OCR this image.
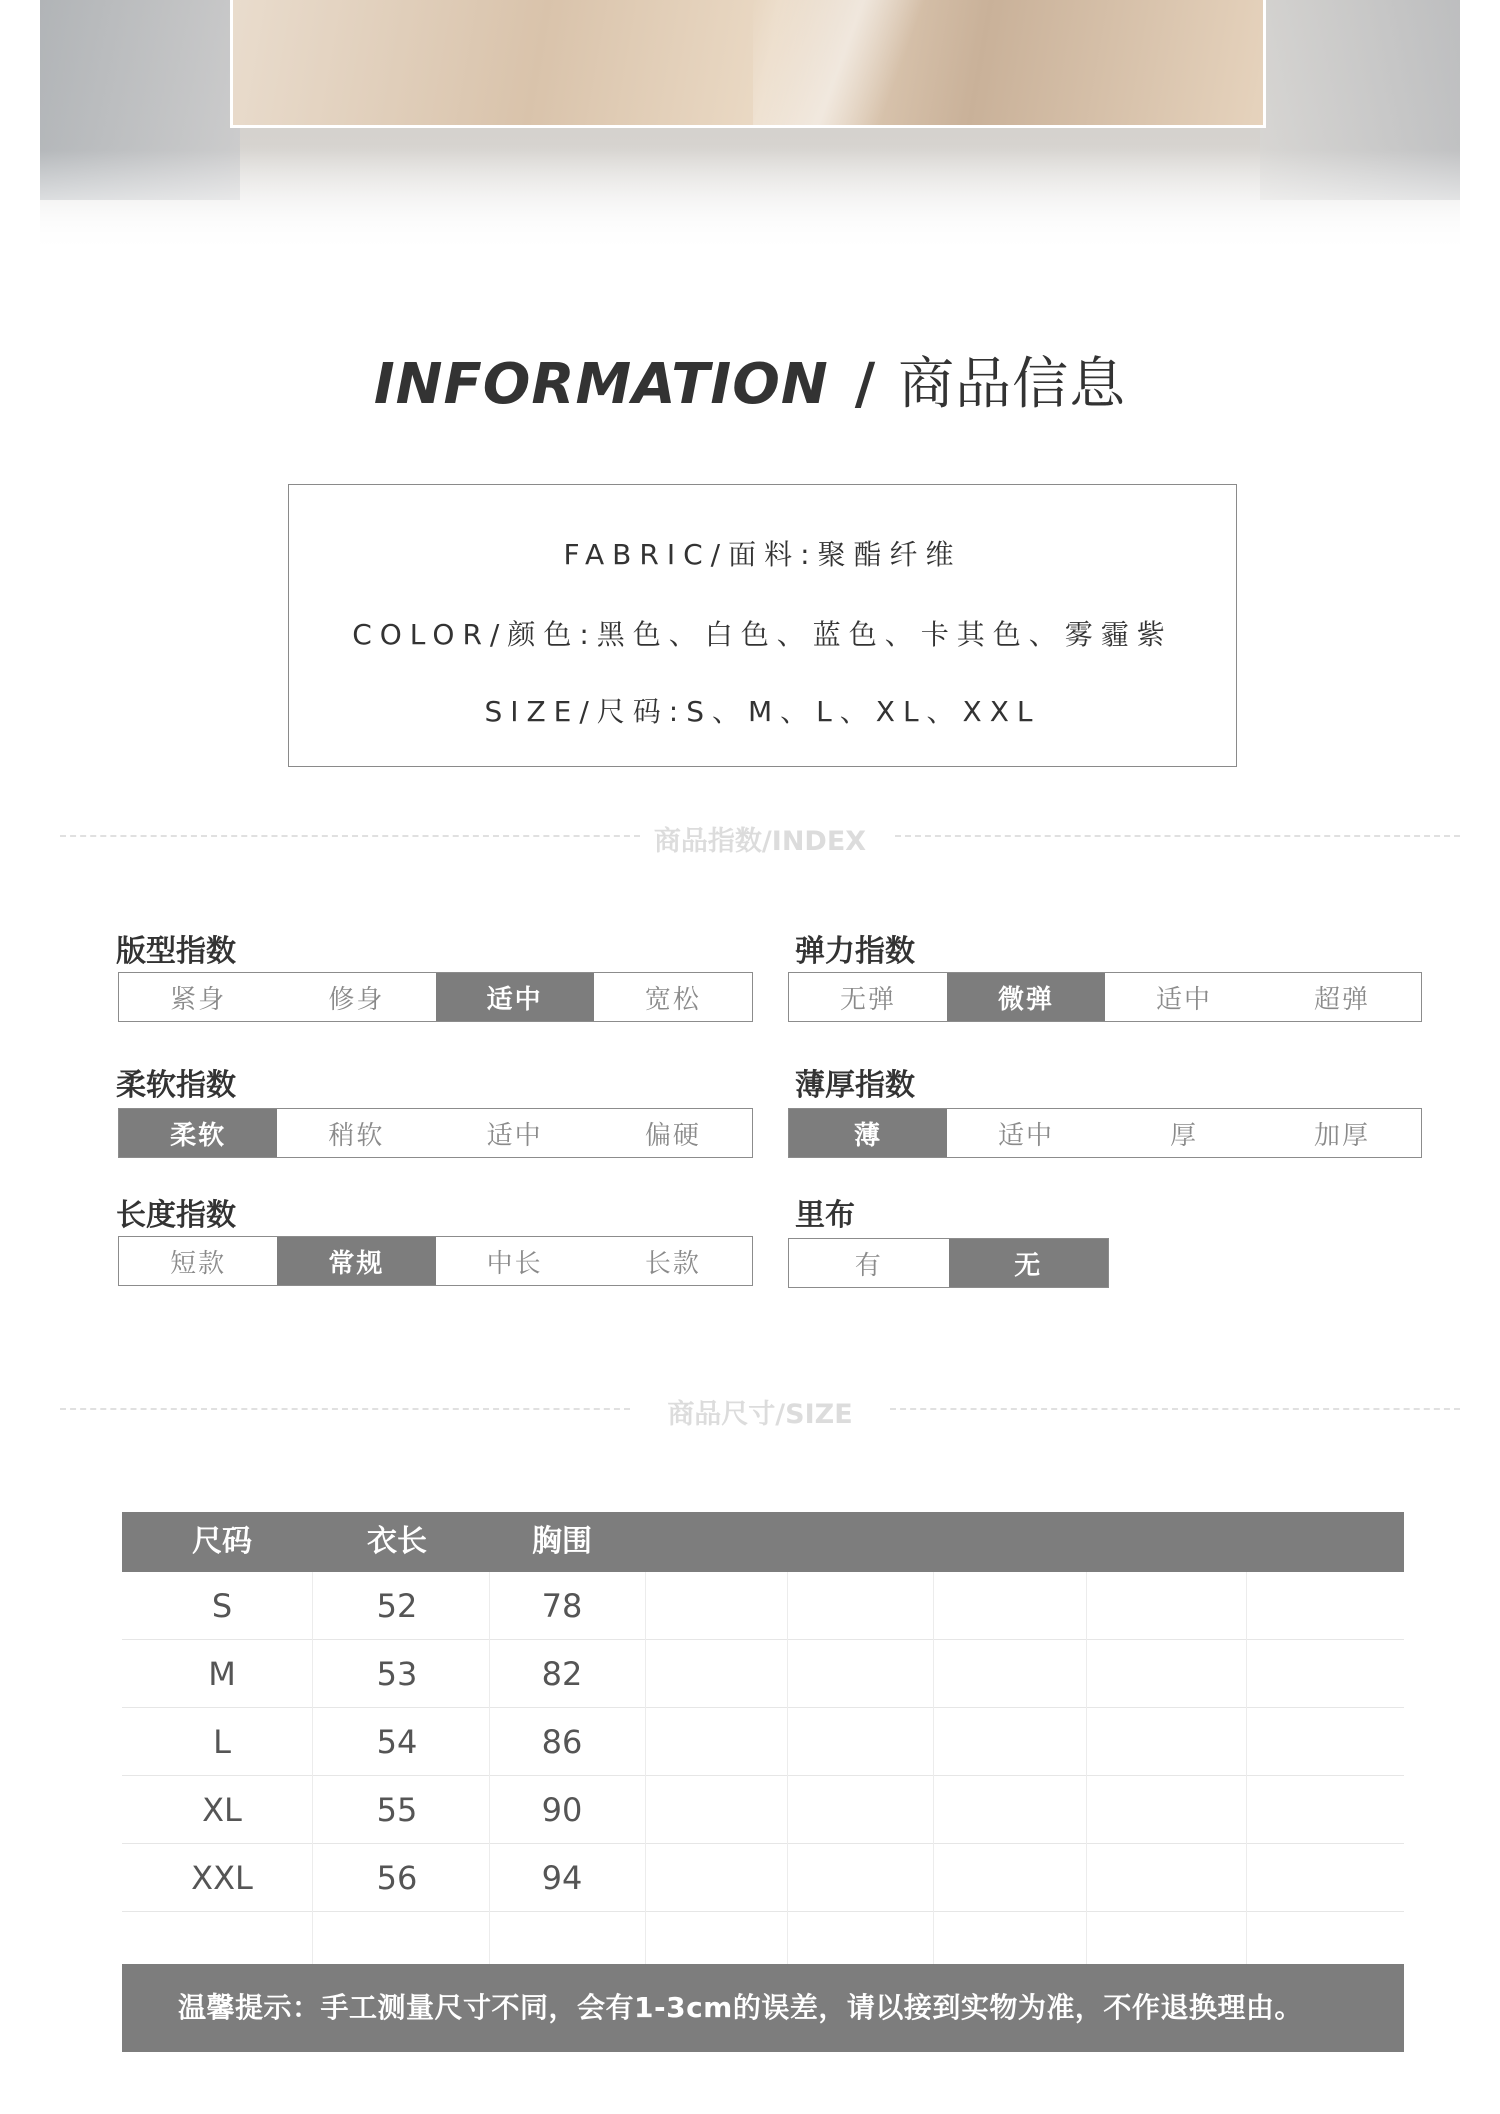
INFORMATION / 商品信息
FABRIC/面料:聚酯纤维
COLOR/颜色:黑色、白色、蓝色、卡其色、雾霾紫
SIZE/尺码:S、M、L、XL、XXL
商品指数/INDEX
版型指数
紧身	修身	适中	宽松
弹力指数
无弹	微弹	适中	超弹
柔软指数
柔软	稍软	适中	偏硬
薄厚指数
薄	适中	厚	加厚
长度指数
短款	常规	中长	长款
里布
有	无
商品尺寸/SIZE
尺码	衣长	胸围
S	52	78
M	53	82
L	54	86
XL	55	90
XXL	56	94
温馨提示：手工测量尺寸不同，会有1-3cm的误差，请以接到实物为准，不作退换理由。
